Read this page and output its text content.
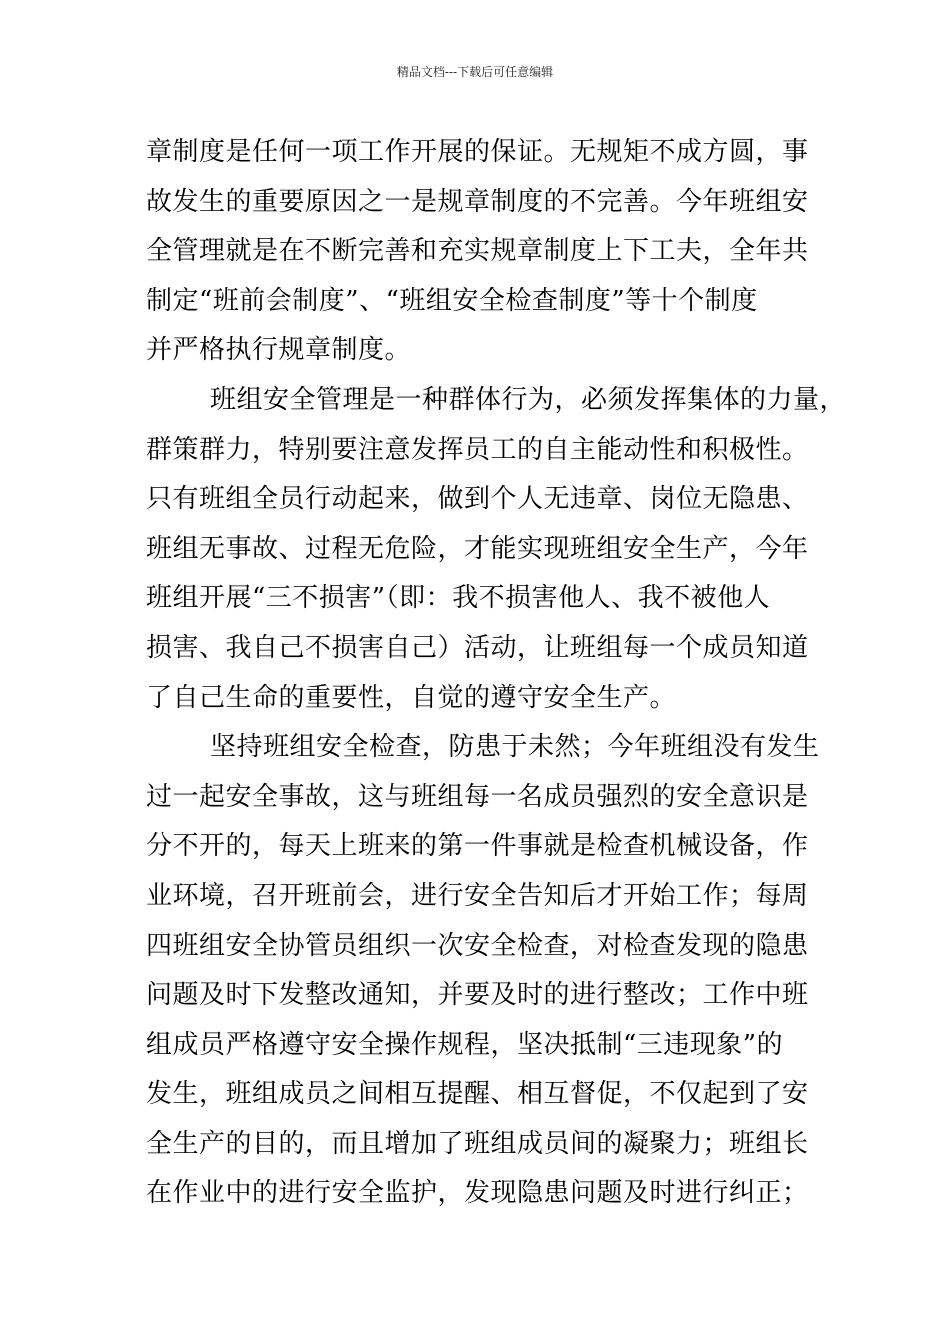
精品文档---下载后可任意编辑
章制度是任何一项工作开展的保证。无规矩不成方圆，事
故发生的重要原因之一是规章制度的不完善。今年班组安
全管理就是在不断完善和充实规章制度上下工夫，全年共
制定“班前会制度”、“班组安全检查制度”等十个制度
并严格执行规章制度。
班组安全管理是一种群体行为，必须发挥集体的力量，
群策群力，特别要注意发挥员工的自主能动性和积极性。
只有班组全员行动起来，做到个人无违章、岗位无隐患、
班组无事故、过程无危险，才能实现班组安全生产，今年
班组开展“三不损害”（即：我不损害他人、我不被他人
损害、我自己不损害自己）活动，让班组每一个成员知道
了自己生命的重要性，自觉的遵守安全生产。
坚持班组安全检查，防患于未然；今年班组没有发生
过一起安全事故，这与班组每一名成员强烈的安全意识是
分不开的，每天上班来的第一件事就是检查机械设备，作
业环境，召开班前会，进行安全告知后才开始工作；每周
四班组安全协管员组织一次安全检查，对检查发现的隐患
问题及时下发整改通知，并要及时的进行整改；工作中班
组成员严格遵守安全操作规程，坚决抵制“三违现象”的
发生，班组成员之间相互提醒、相互督促，不仅起到了安
全生产的目的，而且增加了班组成员间的凝聚力；班组长
在作业中的进行安全监护，发现隐患问题及时进行纠正；
